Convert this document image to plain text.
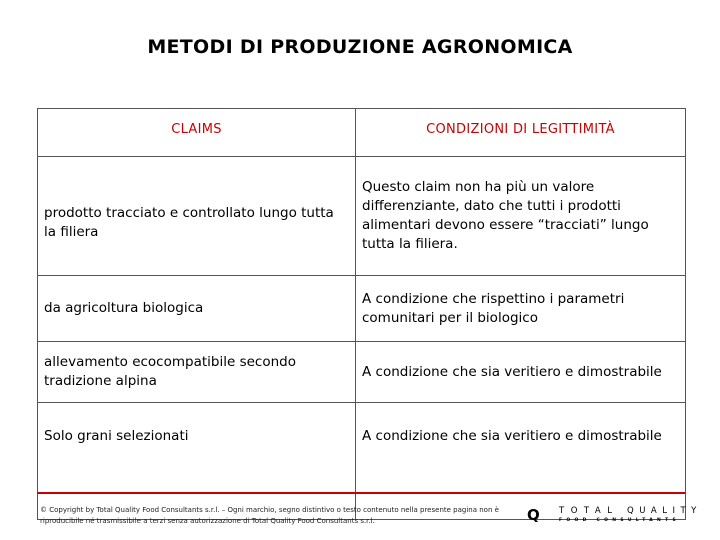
METODI DI PRODUZIONE AGRONOMICA
CLAIMS	CONDIZIONI DI LEGITTIMITÀ
prodotto tracciato e controllato lungo tutta la filiera	Questo claim non ha più un valore differenziante, dato che tutti i prodotti alimentari devono essere “tracciati” lungo tutta la filiera.
da agricoltura biologica	A condizione che rispettino i parametri comunitari per il biologico
allevamento ecocompatibile secondo tradizione alpina	A condizione che sia veritiero e dimostrabile
Solo grani selezionati	A condizione che sia veritiero e dimostrabile
© Copyright by Total Quality Food Consultants s.r.l. – Ogni marchio, segno distintivo o testo contenuto nella presente pagina non è riproducibile né trasmissibile a terzi senza autorizzazione di Total Quality Food Consultants s.r.l.	Q TOTAL QUALITY
FOOD CONSULTANTS
